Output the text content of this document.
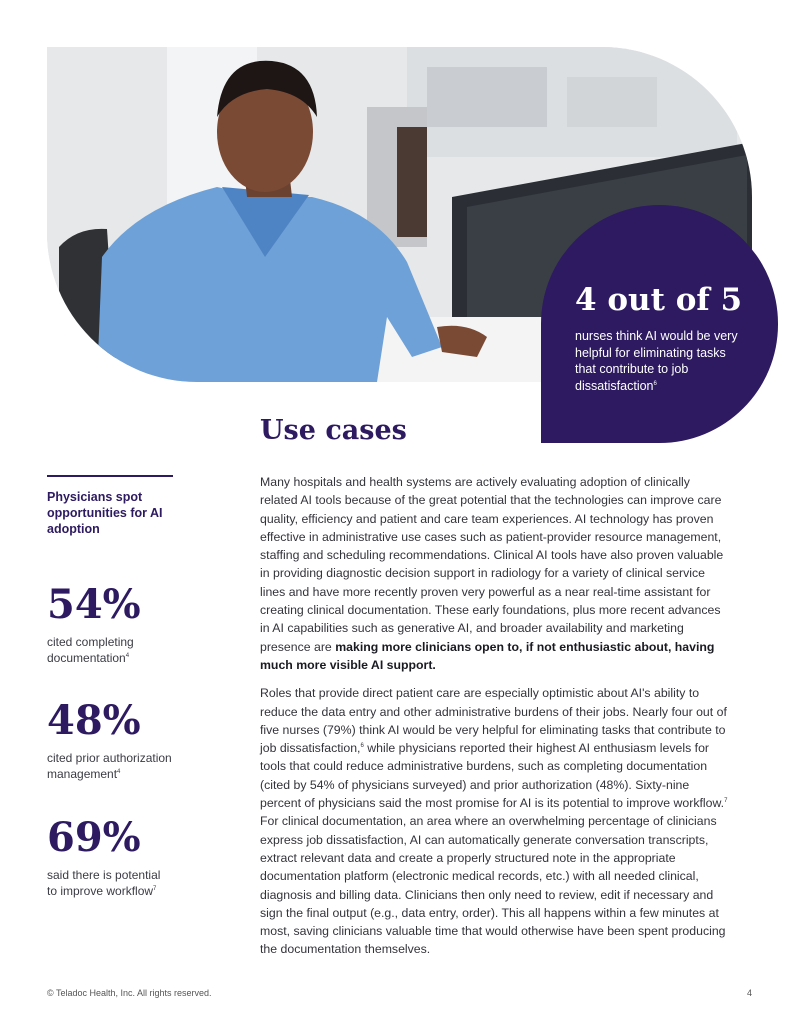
4 out of 5
nurses think AI would be very helpful for eliminating tasks that contribute to job dissatisfaction$^6$
Use cases
Physicians spot opportunities for AI adoption
54%
cited completing documentation$^4$
48%
cited prior authorization management$^4$
69%
said there is potential to improve workflow$^7$

Many hospitals and health systems are actively evaluating adoption of clinically related AI tools because of the great potential that the technologies can improve care quality, efficiency and patient and care team experiences. AI technology has proven effective in administrative use cases such as patient-provider resource management, staffing and scheduling recommendations. Clinical AI tools have also proven valuable in providing diagnostic decision support in radiology for a variety of clinical service lines and have more recently proven very powerful as a near real-time assistant for creating clinical documentation. These early foundations, plus more recent advances in AI capabilities such as generative AI, and broader availability and marketing presence are making more clinicians open to, if not enthusiastic about, having much more visible AI support.

Roles that provide direct patient care are especially optimistic about AI's ability to reduce the data entry and other administrative burdens of their jobs. Nearly four out of five nurses (79%) think AI would be very helpful for eliminating tasks that contribute to job dissatisfaction,$^6$ while physicians reported their highest AI enthusiasm levels for tools that could reduce administrative burdens, such as completing documentation (cited by 54% of physicians surveyed) and prior authorization (48%). Sixty-nine percent of physicians said the most promise for AI is its potential to improve workflow.$^7$ For clinical documentation, an area where an overwhelming percentage of clinicians express job dissatisfaction, AI can automatically generate conversation transcripts, extract relevant data and create a properly structured note in the appropriate documentation platform (electronic medical records, etc.) with all needed clinical, diagnosis and billing data. Clinicians then only need to review, edit if necessary and sign the final output (e.g., data entry, order). This all happens within a few minutes at most, saving clinicians valuable time that would otherwise have been spent producing the documentation themselves.

© Teladoc Health, Inc. All rights reserved.	4
